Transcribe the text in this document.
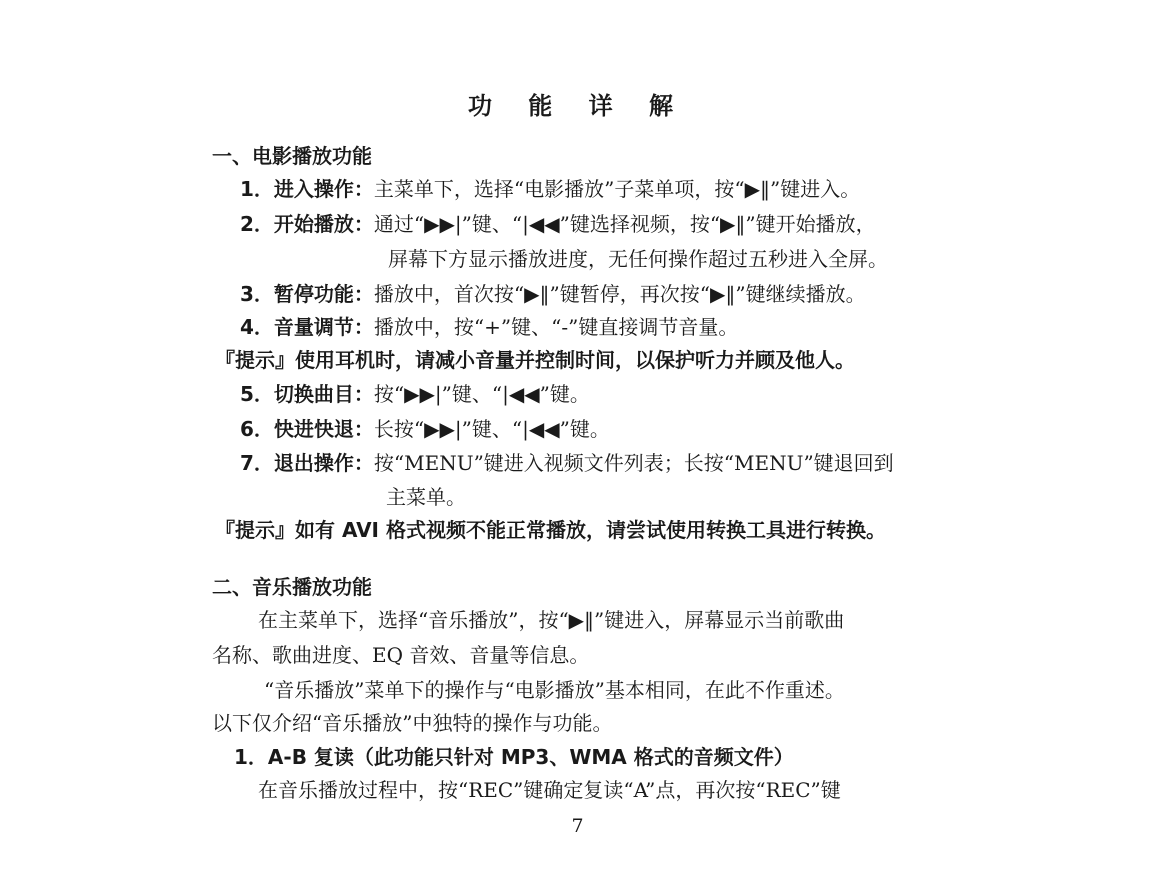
功 能 详 解
一、电影播放功能
1．进入操作：主菜单下，选择“电影播放”子菜单项，按“▶‖”键进入。
2．开始播放：通过“▶▶|”键、“|◀◀”键选择视频，按“▶‖”键开始播放，
屏幕下方显示播放进度，无任何操作超过五秒进入全屏。
3．暂停功能：播放中，首次按“▶‖”键暂停，再次按“▶‖”键继续播放。
4．音量调节：播放中，按“+”键、“-”键直接调节音量。
『提示』使用耳机时，请减小音量并控制时间，以保护听力并顾及他人。
5．切换曲目：按“▶▶|”键、“|◀◀”键。
6．快进快退：长按“▶▶|”键、“|◀◀”键。
7．退出操作：按“MENU”键进入视频文件列表；长按“MENU”键退回到
主菜单。
『提示』如有 AVI 格式视频不能正常播放，请尝试使用转换工具进行转换。
二、音乐播放功能
在主菜单下，选择“音乐播放”，按“▶‖”键进入，屏幕显示当前歌曲
名称、歌曲进度、EQ 音效、音量等信息。
“音乐播放”菜单下的操作与“电影播放”基本相同，在此不作重述。
以下仅介绍“音乐播放”中独特的操作与功能。
1．A-B 复读（此功能只针对 MP3、WMA 格式的音频文件）
在音乐播放过程中，按“REC”键确定复读“A”点，再次按“REC”键
7
